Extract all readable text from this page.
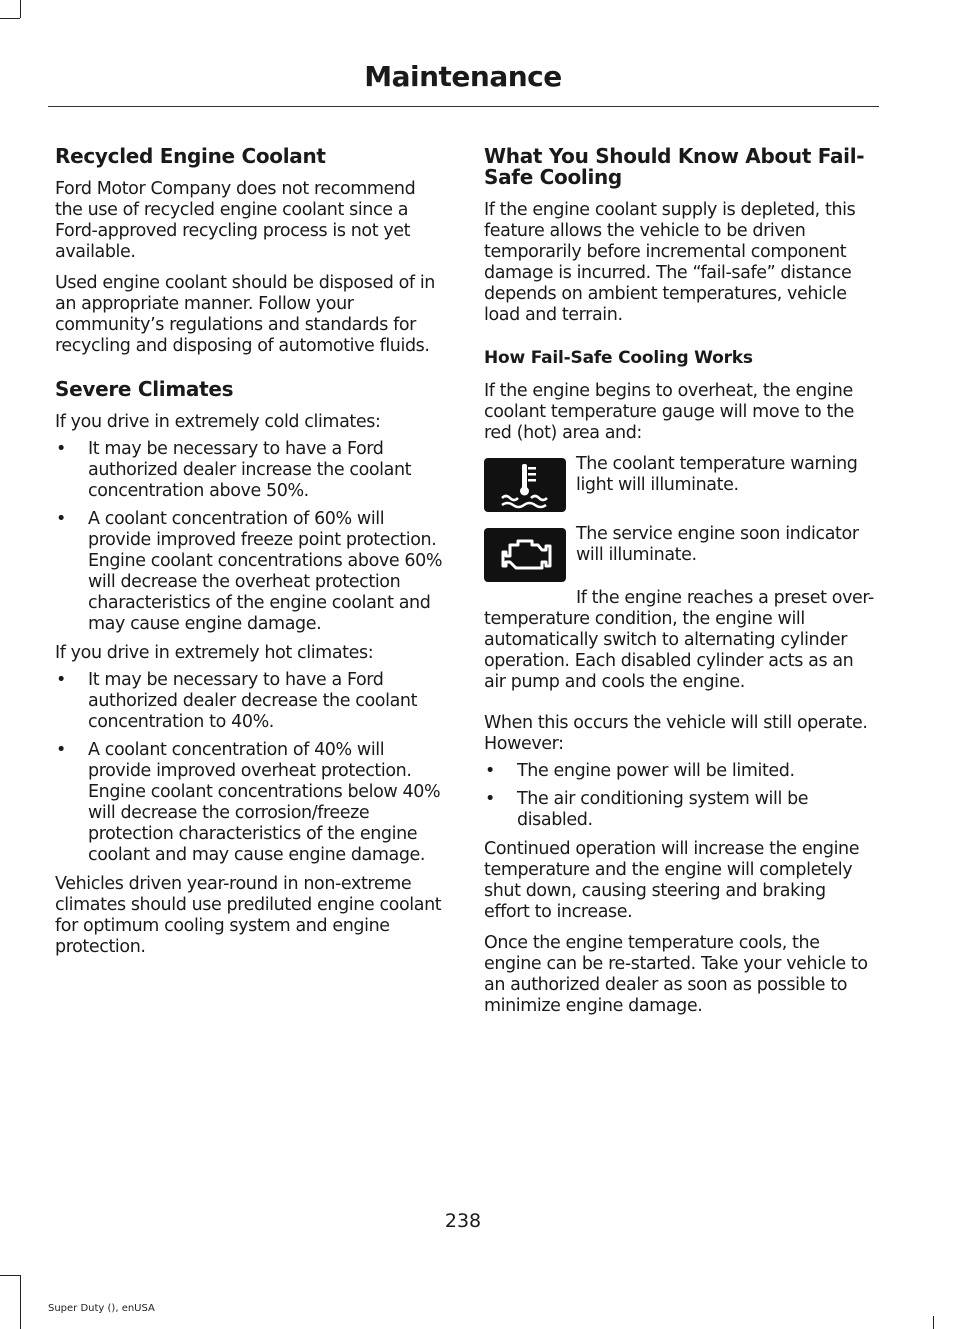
Maintenance
Recycled Engine Coolant

Ford Motor Company does not recommend the use of recycled engine coolant since a Ford-approved recycling process is not yet available.

Used engine coolant should be disposed of in an appropriate manner. Follow your community’s regulations and standards for recycling and disposing of automotive fluids.

Severe Climates

If you drive in extremely cold climates:

• It may be necessary to have a Ford authorized dealer increase the coolant concentration above 50%.
• A coolant concentration of 60% will provide improved freeze point protection. Engine coolant concentrations above 60% will decrease the overheat protection characteristics of the engine coolant and may cause engine damage.

If you drive in extremely hot climates:

• It may be necessary to have a Ford authorized dealer decrease the coolant concentration to 40%.
• A coolant concentration of 40% will provide improved overheat protection. Engine coolant concentrations below 40% will decrease the corrosion/freeze protection characteristics of the engine coolant and may cause engine damage.

Vehicles driven year-round in non-extreme climates should use prediluted engine coolant for optimum cooling system and engine protection.

What You Should Know About Fail-Safe Cooling

If the engine coolant supply is depleted, this feature allows the vehicle to be driven temporarily before incremental component damage is incurred. The “fail-safe” distance depends on ambient temperatures, vehicle load and terrain.

How Fail-Safe Cooling Works

If the engine begins to overheat, the engine coolant temperature gauge will move to the red (hot) area and:

The coolant temperature warning light will illuminate.

The service engine soon indicator will illuminate.

If the engine reaches a preset over-temperature condition, the engine will automatically switch to alternating cylinder operation. Each disabled cylinder acts as an air pump and cools the engine.

When this occurs the vehicle will still operate. However:

• The engine power will be limited.
• The air conditioning system will be disabled.

Continued operation will increase the engine temperature and the engine will completely shut down, causing steering and braking effort to increase.

Once the engine temperature cools, the engine can be re-started. Take your vehicle to an authorized dealer as soon as possible to minimize engine damage.

238
Super Duty (), enUSA
